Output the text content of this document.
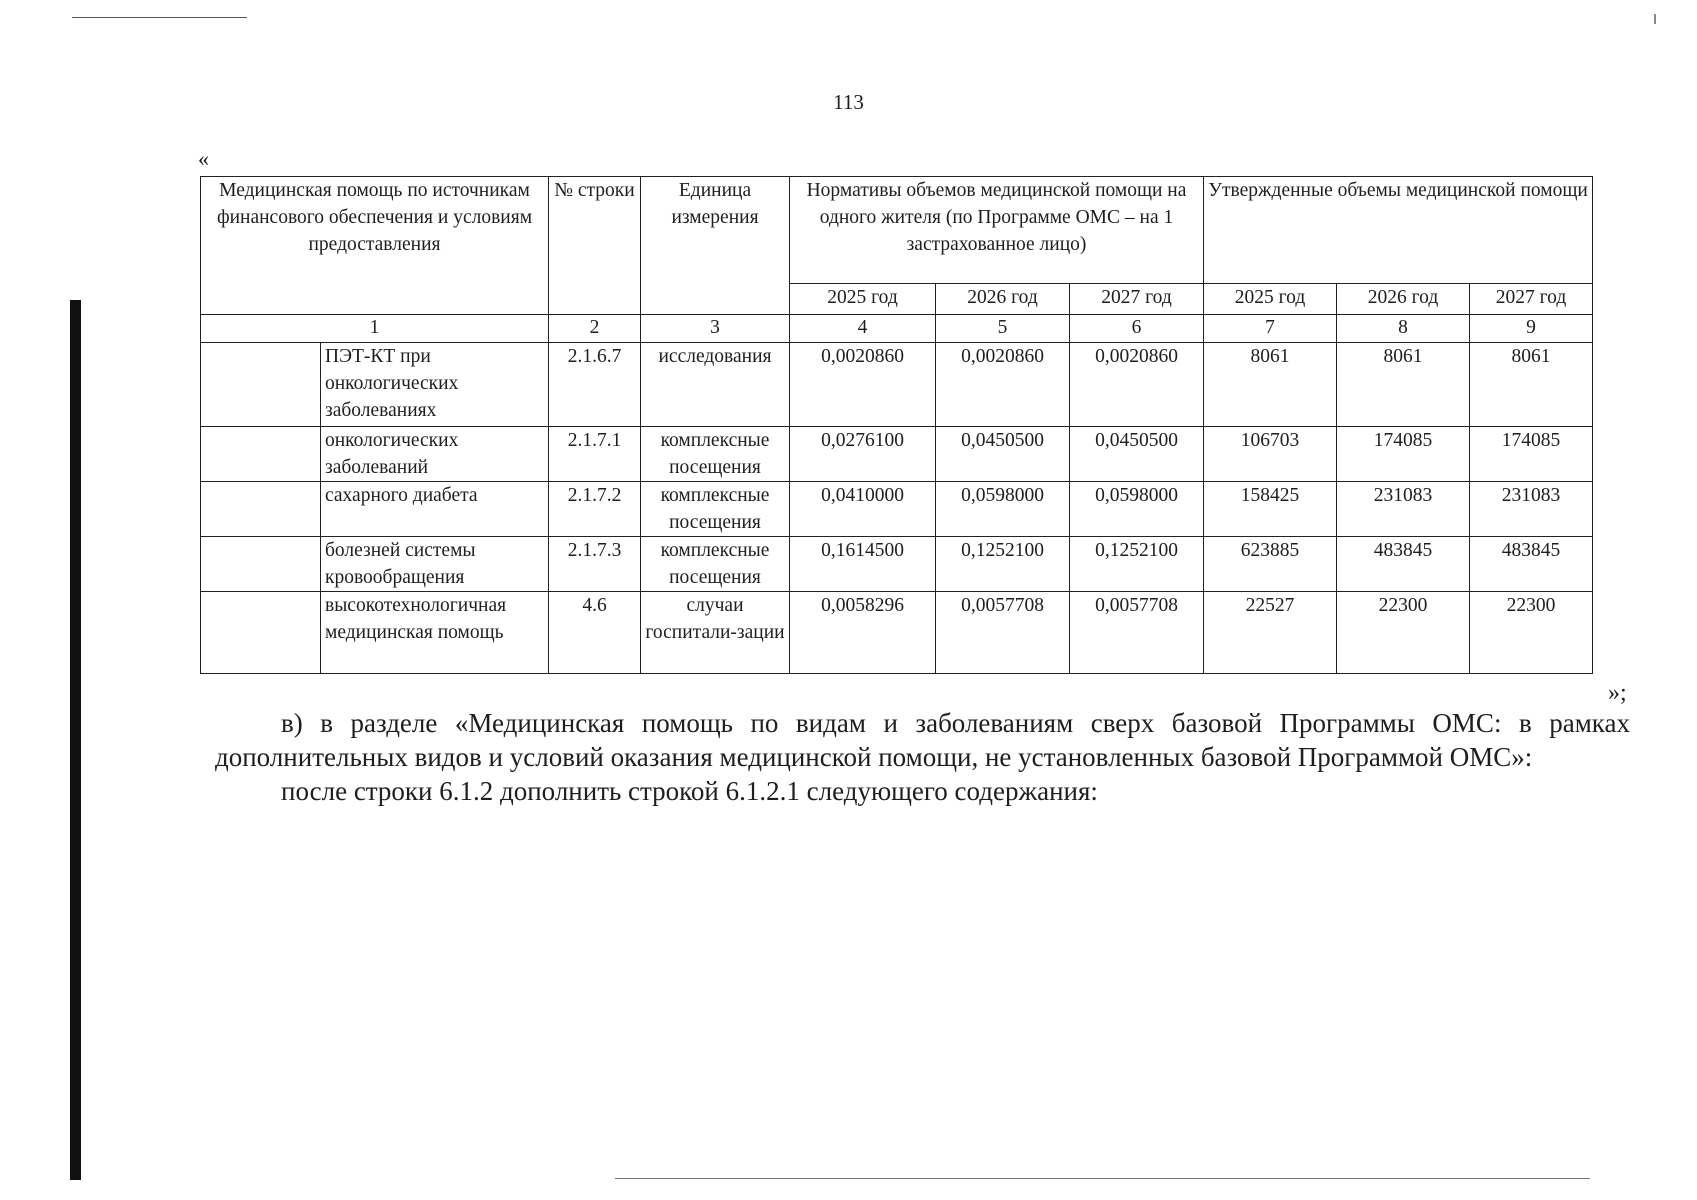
113
«
Медицинская помощь по источникам финансового обеспечения и условиям предоставления		№ строки	Единица измерения	Нормативы объемов медицинской помощи на одного жителя (по Программе ОМС – на 1 застрахованное лицо)			Утвержденные объемы медицинской помощи		
				2025 год	2026 год	2027 год	2025 год	2026 год	2027 год
1		2	3	4	5	6	7	8	9
	ПЭТ-КТ при онкологических заболеваниях	2.1.6.7	исследования	0,0020860	0,0020860	0,0020860	8061	8061	8061
	онкологических заболеваний	2.1.7.1	комплексные посещения	0,0276100	0,0450500	0,0450500	106703	174085	174085
	сахарного диабета	2.1.7.2	комплексные посещения	0,0410000	0,0598000	0,0598000	158425	231083	231083
	болезней системы кровообращения	2.1.7.3	комплексные посещения	0,1614500	0,1252100	0,1252100	623885	483845	483845
	высокотехнологичная медицинская помощь	4.6	случаи госпитали-зации	0,0058296	0,0057708	0,0057708	22527	22300	22300
»;
в) в разделе «Медицинская помощь по видам и заболеваниям сверх базовой Программы ОМС: в рамках дополнительных видов и условий оказания медицинской помощи, не установленных базовой Программой ОМС»:
после строки 6.1.2 дополнить строкой 6.1.2.1 следующего содержания:
